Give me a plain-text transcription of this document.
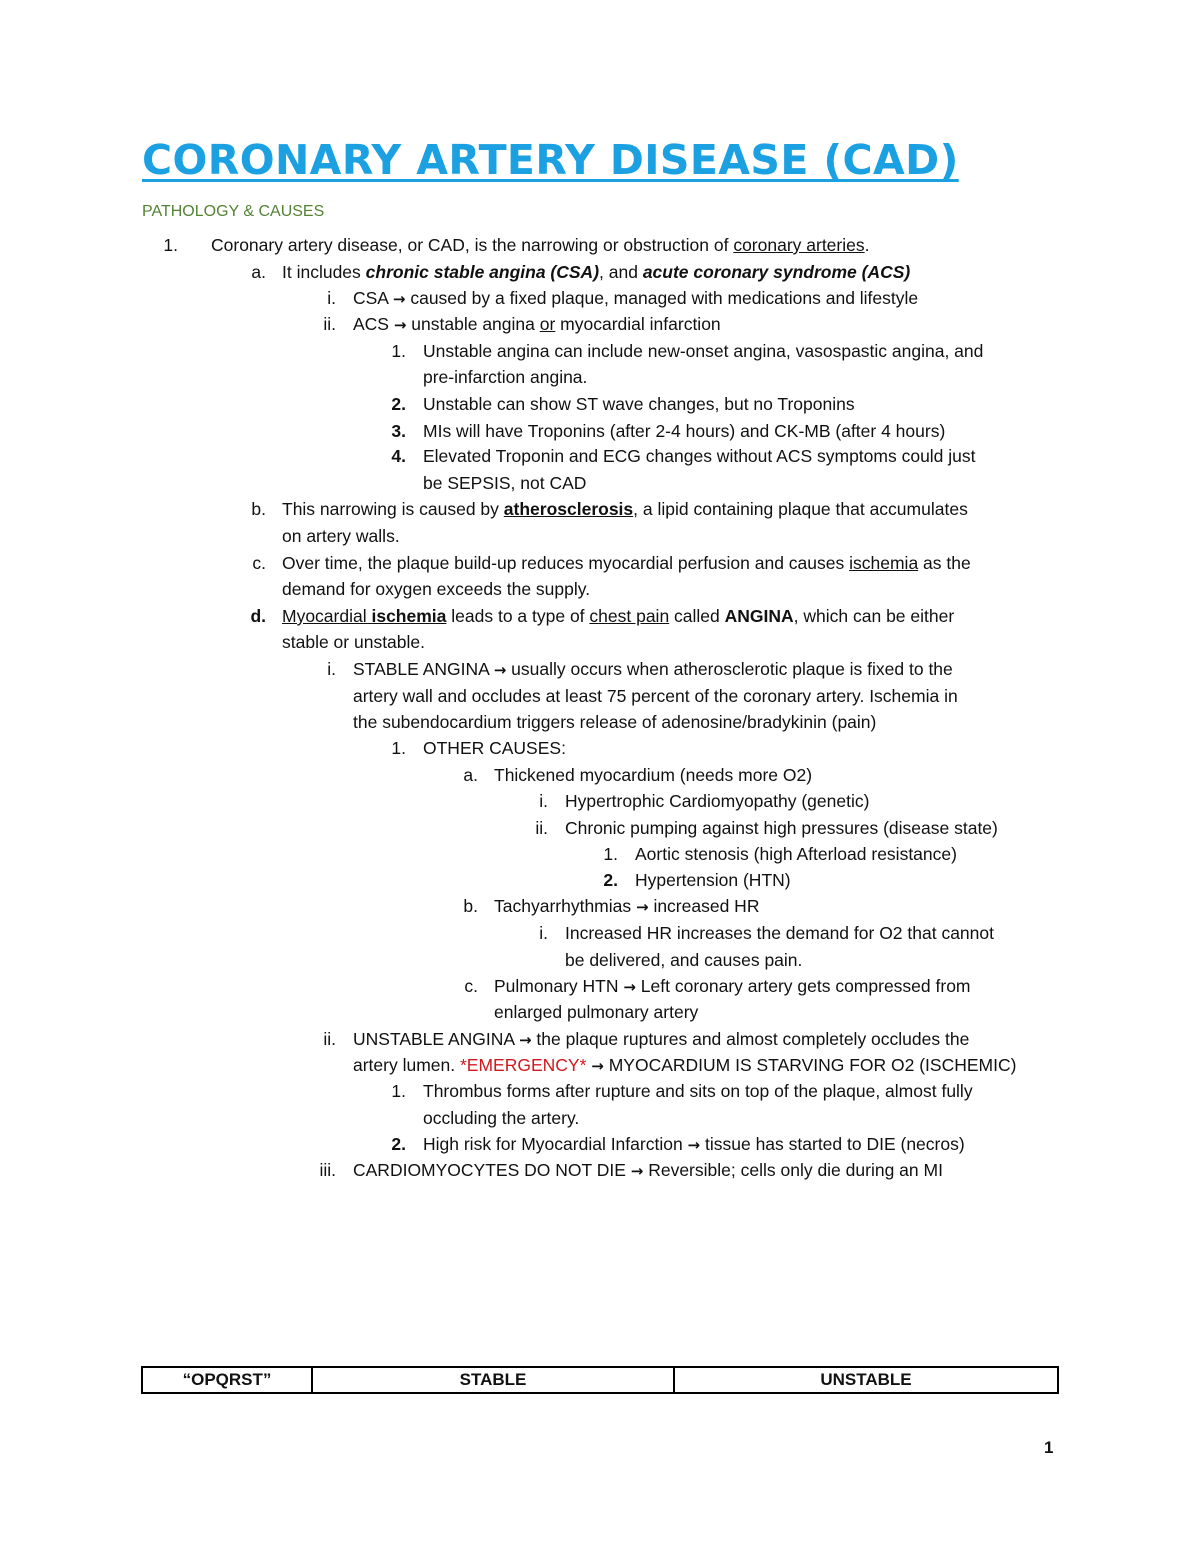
CORONARY ARTERY DISEASE (CAD)
PATHOLOGY & CAUSES
1. Coronary artery disease, or CAD, is the narrowing or obstruction of coronary arteries.
a. It includes chronic stable angina (CSA), and acute coronary syndrome (ACS)
i. CSA → caused by a fixed plaque, managed with medications and lifestyle
ii. ACS → unstable angina or myocardial infarction
1. Unstable angina can include new-onset angina, vasospastic angina, and
pre-infarction angina.
2. Unstable can show ST wave changes, but no Troponins
3. MIs will have Troponins (after 2-4 hours) and CK-MB (after 4 hours)
4. Elevated Troponin and ECG changes without ACS symptoms could just
be SEPSIS, not CAD
b. This narrowing is caused by atherosclerosis, a lipid containing plaque that accumulates
on artery walls.
c. Over time, the plaque build-up reduces myocardial perfusion and causes ischemia as the
demand for oxygen exceeds the supply.
d. Myocardial ischemia leads to a type of chest pain called ANGINA, which can be either
stable or unstable.
i. STABLE ANGINA → usually occurs when atherosclerotic plaque is fixed to the
artery wall and occludes at least 75 percent of the coronary artery. Ischemia in
the subendocardium triggers release of adenosine/bradykinin (pain)
1. OTHER CAUSES:
a. Thickened myocardium (needs more O2)
i. Hypertrophic Cardiomyopathy (genetic)
ii. Chronic pumping against high pressures (disease state)
1. Aortic stenosis (high Afterload resistance)
2. Hypertension (HTN)
b. Tachyarrhythmias → increased HR
i. Increased HR increases the demand for O2 that cannot
be delivered, and causes pain.
c. Pulmonary HTN → Left coronary artery gets compressed from
enlarged pulmonary artery
ii. UNSTABLE ANGINA → the plaque ruptures and almost completely occludes the
artery lumen. *EMERGENCY* → MYOCARDIUM IS STARVING FOR O2 (ISCHEMIC)
1. Thrombus forms after rupture and sits on top of the plaque, almost fully
occluding the artery.
2. High risk for Myocardial Infarction → tissue has started to DIE (necros)
iii. CARDIOMYOCYTES DO NOT DIE → Reversible; cells only die during an MI
“OPQRST”	STABLE	UNSTABLE
1
